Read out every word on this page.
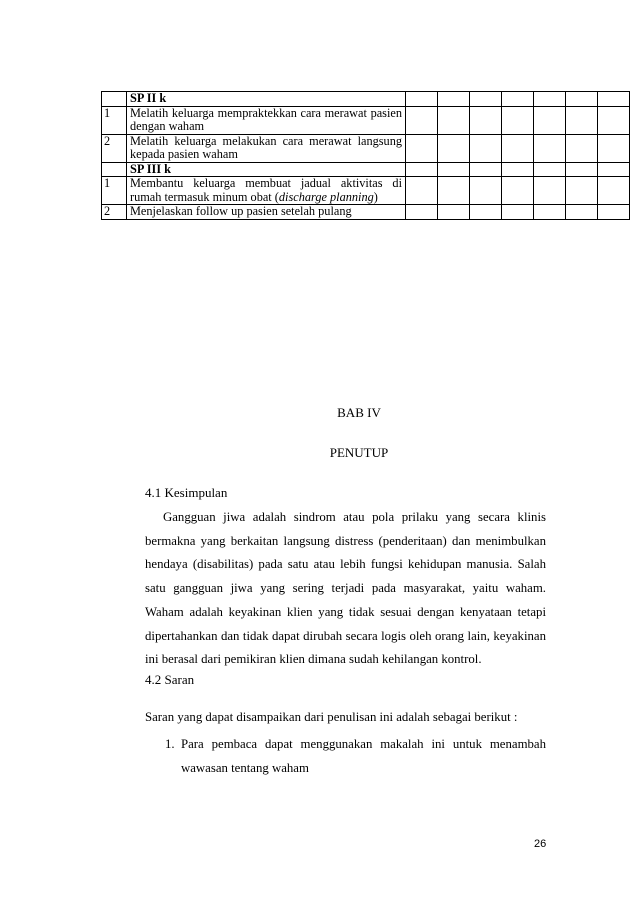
	SP II k							
1	Melatih keluarga mempraktekkan cara merawat pasien dengan waham							
2	Melatih keluarga melakukan cara merawat langsung kepada pasien waham							
	SP III k							
1	Membantu keluarga membuat jadual aktivitas di rumah termasuk minum obat (discharge planning)							
2	Menjelaskan follow up pasien setelah pulang							
BAB IV
PENUTUP
4.1 Kesimpulan
Gangguan jiwa adalah sindrom atau pola prilaku yang secara klinis bermakna yang berkaitan langsung distress (penderitaan) dan menimbulkan hendaya (disabilitas) pada satu atau lebih fungsi kehidupan manusia. Salah satu gangguan jiwa yang sering terjadi pada masyarakat, yaitu waham. Waham adalah keyakinan klien yang tidak sesuai dengan kenyataan tetapi dipertahankan dan tidak dapat dirubah secara logis oleh orang lain, keyakinan ini berasal dari pemikiran klien dimana sudah kehilangan kontrol.
4.2 Saran
Saran yang dapat disampaikan dari penulisan ini adalah sebagai berikut :
1. Para pembaca dapat menggunakan makalah ini untuk menambah wawasan tentang waham
26
